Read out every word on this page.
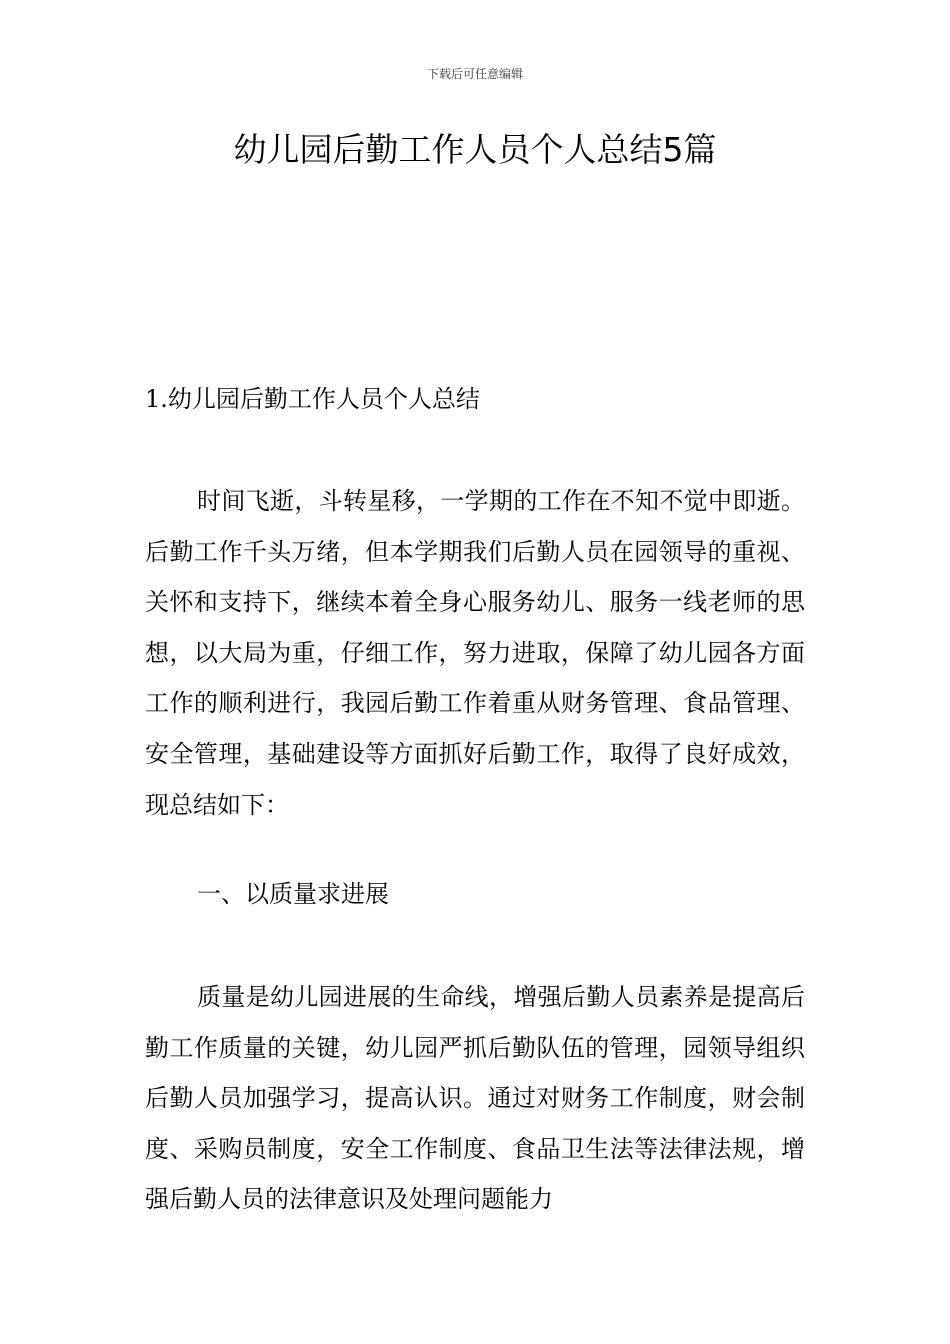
下载后可任意编辑
幼儿园后勤工作人员个人总结5篇
1.幼儿园后勤工作人员个人总结

时间飞逝，斗转星移，一学期的工作在不知不觉中即逝。后勤工作千头万绪，但本学期我们后勤人员在园领导的重视、关怀和支持下，继续本着全身心服务幼儿、服务一线老师的思想，以大局为重，仔细工作，努力进取，保障了幼儿园各方面工作的顺利进行，我园后勤工作着重从财务管理、食品管理、安全管理，基础建设等方面抓好后勤工作，取得了良好成效，现总结如下：

一、以质量求进展

质量是幼儿园进展的生命线，增强后勤人员素养是提高后勤工作质量的关键，幼儿园严抓后勤队伍的管理，园领导组织后勤人员加强学习，提高认识。通过对财务工作制度，财会制度、采购员制度，安全工作制度、食品卫生法等法律法规，增强后勤人员的法律意识及处理问题能力
